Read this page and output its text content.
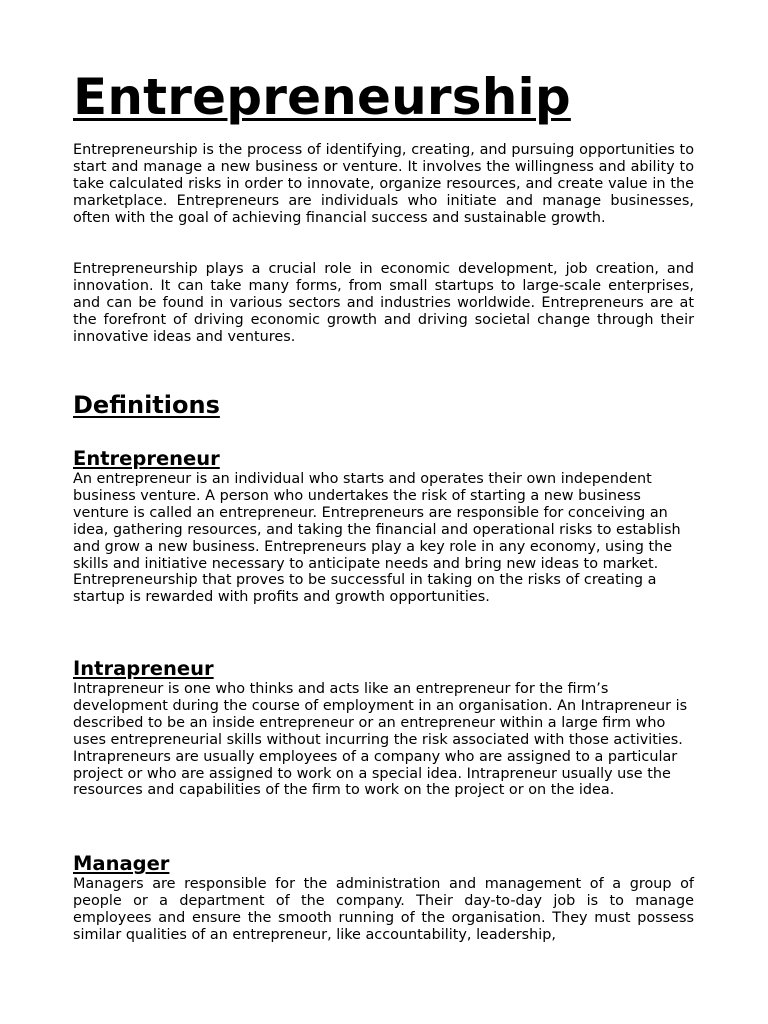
Entrepreneurship

Entrepreneurship is the process of identifying, creating, and pursuing opportunities to start and manage a new business or venture. It involves the willingness and ability to take calculated risks in order to innovate, organize resources, and create value in the marketplace. Entrepreneurs are individuals who initiate and manage businesses, often with the goal of achieving financial success and sustainable growth.

Entrepreneurship plays a crucial role in economic development, job creation, and innovation. It can take many forms, from small startups to large-scale enterprises, and can be found in various sectors and industries worldwide. Entrepreneurs are at the forefront of driving economic growth and driving societal change through their innovative ideas and ventures.

Definitions
Entrepreneur

An entrepreneur is an individual who starts and operates their own independent business venture. A person who undertakes the risk of starting a new business venture is called an entrepreneur. Entrepreneurs are responsible for conceiving an idea, gathering resources, and taking the financial and operational risks to establish and grow a new business. Entrepreneurs play a key role in any economy, using the skills and initiative necessary to anticipate needs and bring new ideas to market. Entrepreneurship that proves to be successful in taking on the risks of creating a startup is rewarded with profits and growth opportunities.

Intrapreneur

Intrapreneur is one who thinks and acts like an entrepreneur for the firm’s development during the course of employment in an organisation. An Intrapreneur is described to be an inside entrepreneur or an entrepreneur within a large firm who uses entrepreneurial skills without incurring the risk associated with those activities. Intrapreneurs are usually employees of a company who are assigned to a particular project or who are assigned to work on a special idea. Intrapreneur usually use the resources and capabilities of the firm to work on the project or on the idea.

Manager

Managers are responsible for the administration and management of a group of people or a department of the company. Their day-to-day job is to manage employees and ensure the smooth running of the organisation. They must possess similar qualities of an entrepreneur, like accountability, leadership,
